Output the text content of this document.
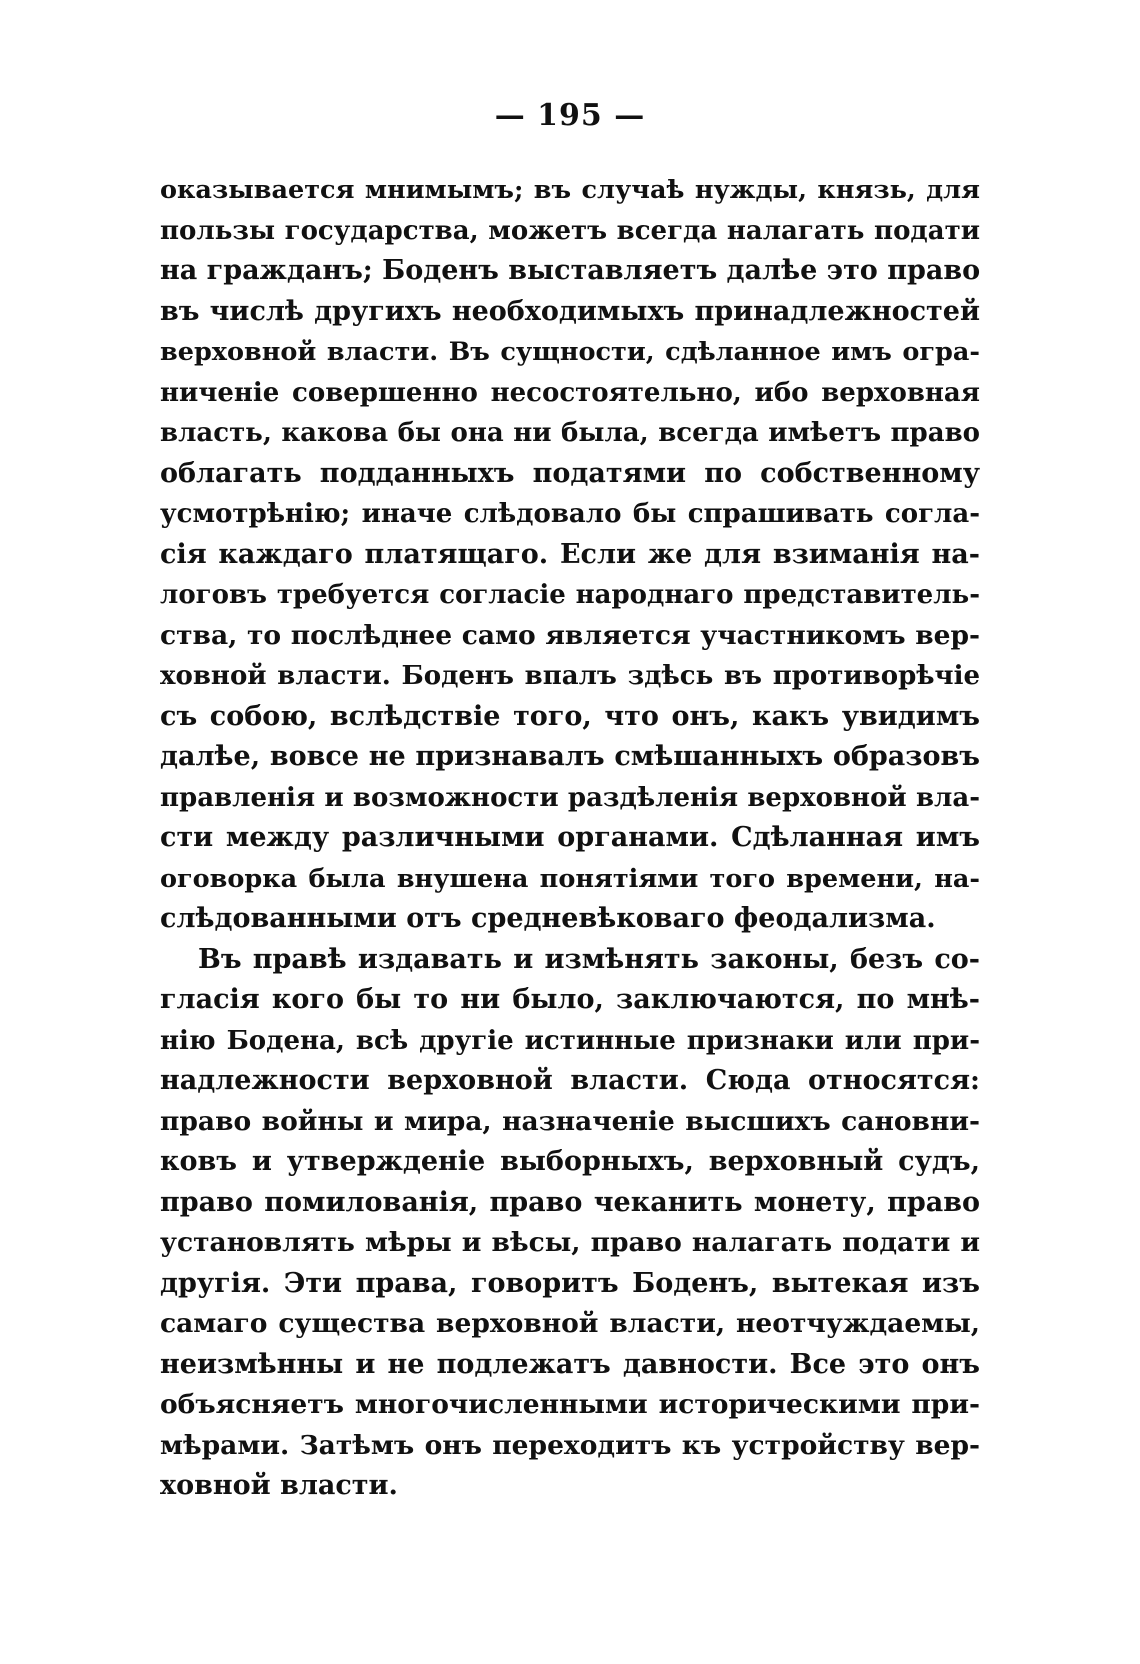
— 195 —
оказывается мнимымъ; въ случаѣ нужды, князь, для
пользы государства, можетъ всегда налагать подати
на гражданъ; Боденъ выставляетъ далѣе это право
въ числѣ другихъ необходимыхъ принадлежностей
верховной власти. Въ сущности, сдѣланное имъ огра-
ниченіе совершенно несостоятельно, ибо верховная
власть, какова бы она ни была, всегда имѣетъ право
облагать подданныхъ податями по собственному
усмотрѣнію; иначе слѣдовало бы спрашивать согла-
сія каждаго платящаго. Если же для взиманія на-
логовъ требуется согласіе народнаго представитель-
ства, то послѣднее само является участникомъ вер-
ховной власти. Боденъ впалъ здѣсь въ противорѣчіе
съ собою, вслѣдствіе того, что онъ, какъ увидимъ
далѣе, вовсе не признавалъ смѣшанныхъ образовъ
правленія и возможности раздѣленія верховной вла-
сти между различными органами. Сдѣланная имъ
оговорка была внушена понятіями того времени, на-
слѣдованными отъ средневѣковаго феодализма.
Въ правѣ издавать и измѣнять законы, безъ со-
гласія кого бы то ни было, заключаются, по мнѣ-
нію Бодена, всѣ другіе истинные признаки или при-
надлежности верховной власти. Сюда относятся:
право войны и мира, назначеніе высшихъ сановни-
ковъ и утвержденіе выборныхъ, верховный судъ,
право помилованія, право чеканить монету, право
установлять мѣры и вѣсы, право налагать подати и
другія. Эти права, говоритъ Боденъ, вытекая изъ
самаго существа верховной власти, неотчуждаемы,
неизмѣнны и не подлежатъ давности. Все это онъ
объясняетъ многочисленными историческими при-
мѣрами. Затѣмъ онъ переходитъ къ устройству вер-
ховной власти.
